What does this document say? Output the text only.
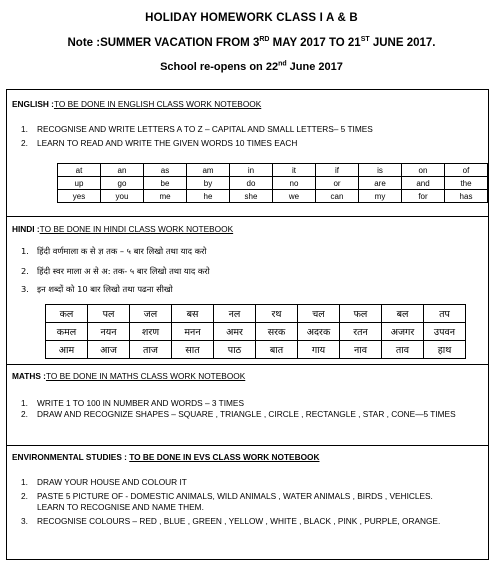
HOLIDAY HOMEWORK CLASS I A & B
Note :SUMMER VACATION FROM 3RD MAY 2017 TO 21ST JUNE 2017.
School re-opens on 22nd June 2017
ENGLISH :TO BE DONE IN ENGLISH CLASS WORK NOTEBOOK
1. RECOGNISE AND WRITE LETTERS A TO Z – CAPITAL AND SMALL LETTERS– 5 TIMES
2. LEARN TO READ AND WRITE THE GIVEN WORDS 10 TIMES EACH
at	an	as	am	in	it	if	is	on	of
up	go	be	by	do	no	or	are	and	the
yes	you	me	he	she	we	can	my	for	has
HINDI :TO BE DONE IN HINDI CLASS WORK NOTEBOOK
1. हिंदी वर्णमाला क से ज्ञ तक – ५ बार लिखो तथा याद करो
2. हिंदी स्वर माला अ से अ: तक- ५ बार लिखो तथा याद करो
3. इन शब्दों को 10 बार लिखो तथा पढना सीखो
कल	पल	जल	बस	नल	रथ	चल	फल	बल	तप
कमल	नयन	शरण	मनन	अमर	सरक	अदरक	रतन	अजगर	उपवन
आम	आज	ताज	सात	पाठ	बात	गाय	नाव	ताव	हाथ
MATHS :TO BE DONE IN MATHS CLASS WORK NOTEBOOK
1. WRITE 1 TO 100 IN NUMBER AND WORDS – 3 TIMES
2. DRAW AND RECOGNIZE SHAPES – SQUARE , TRIANGLE , CIRCLE , RECTANGLE , STAR , CONE—5 TIMES
ENVIRONMENTAL STUDIES : TO BE DONE IN EVS CLASS WORK NOTEBOOK
1. DRAW YOUR HOUSE AND COLOUR IT
2. PASTE 5 PICTURE OF - DOMESTIC ANIMALS, WILD ANIMALS , WATER ANIMALS , BIRDS , VEHICLES. LEARN TO RECOGNISE AND NAME THEM.
3. RECOGNISE COLOURS – RED , BLUE , GREEN , YELLOW , WHITE , BLACK , PINK , PURPLE, ORANGE.
